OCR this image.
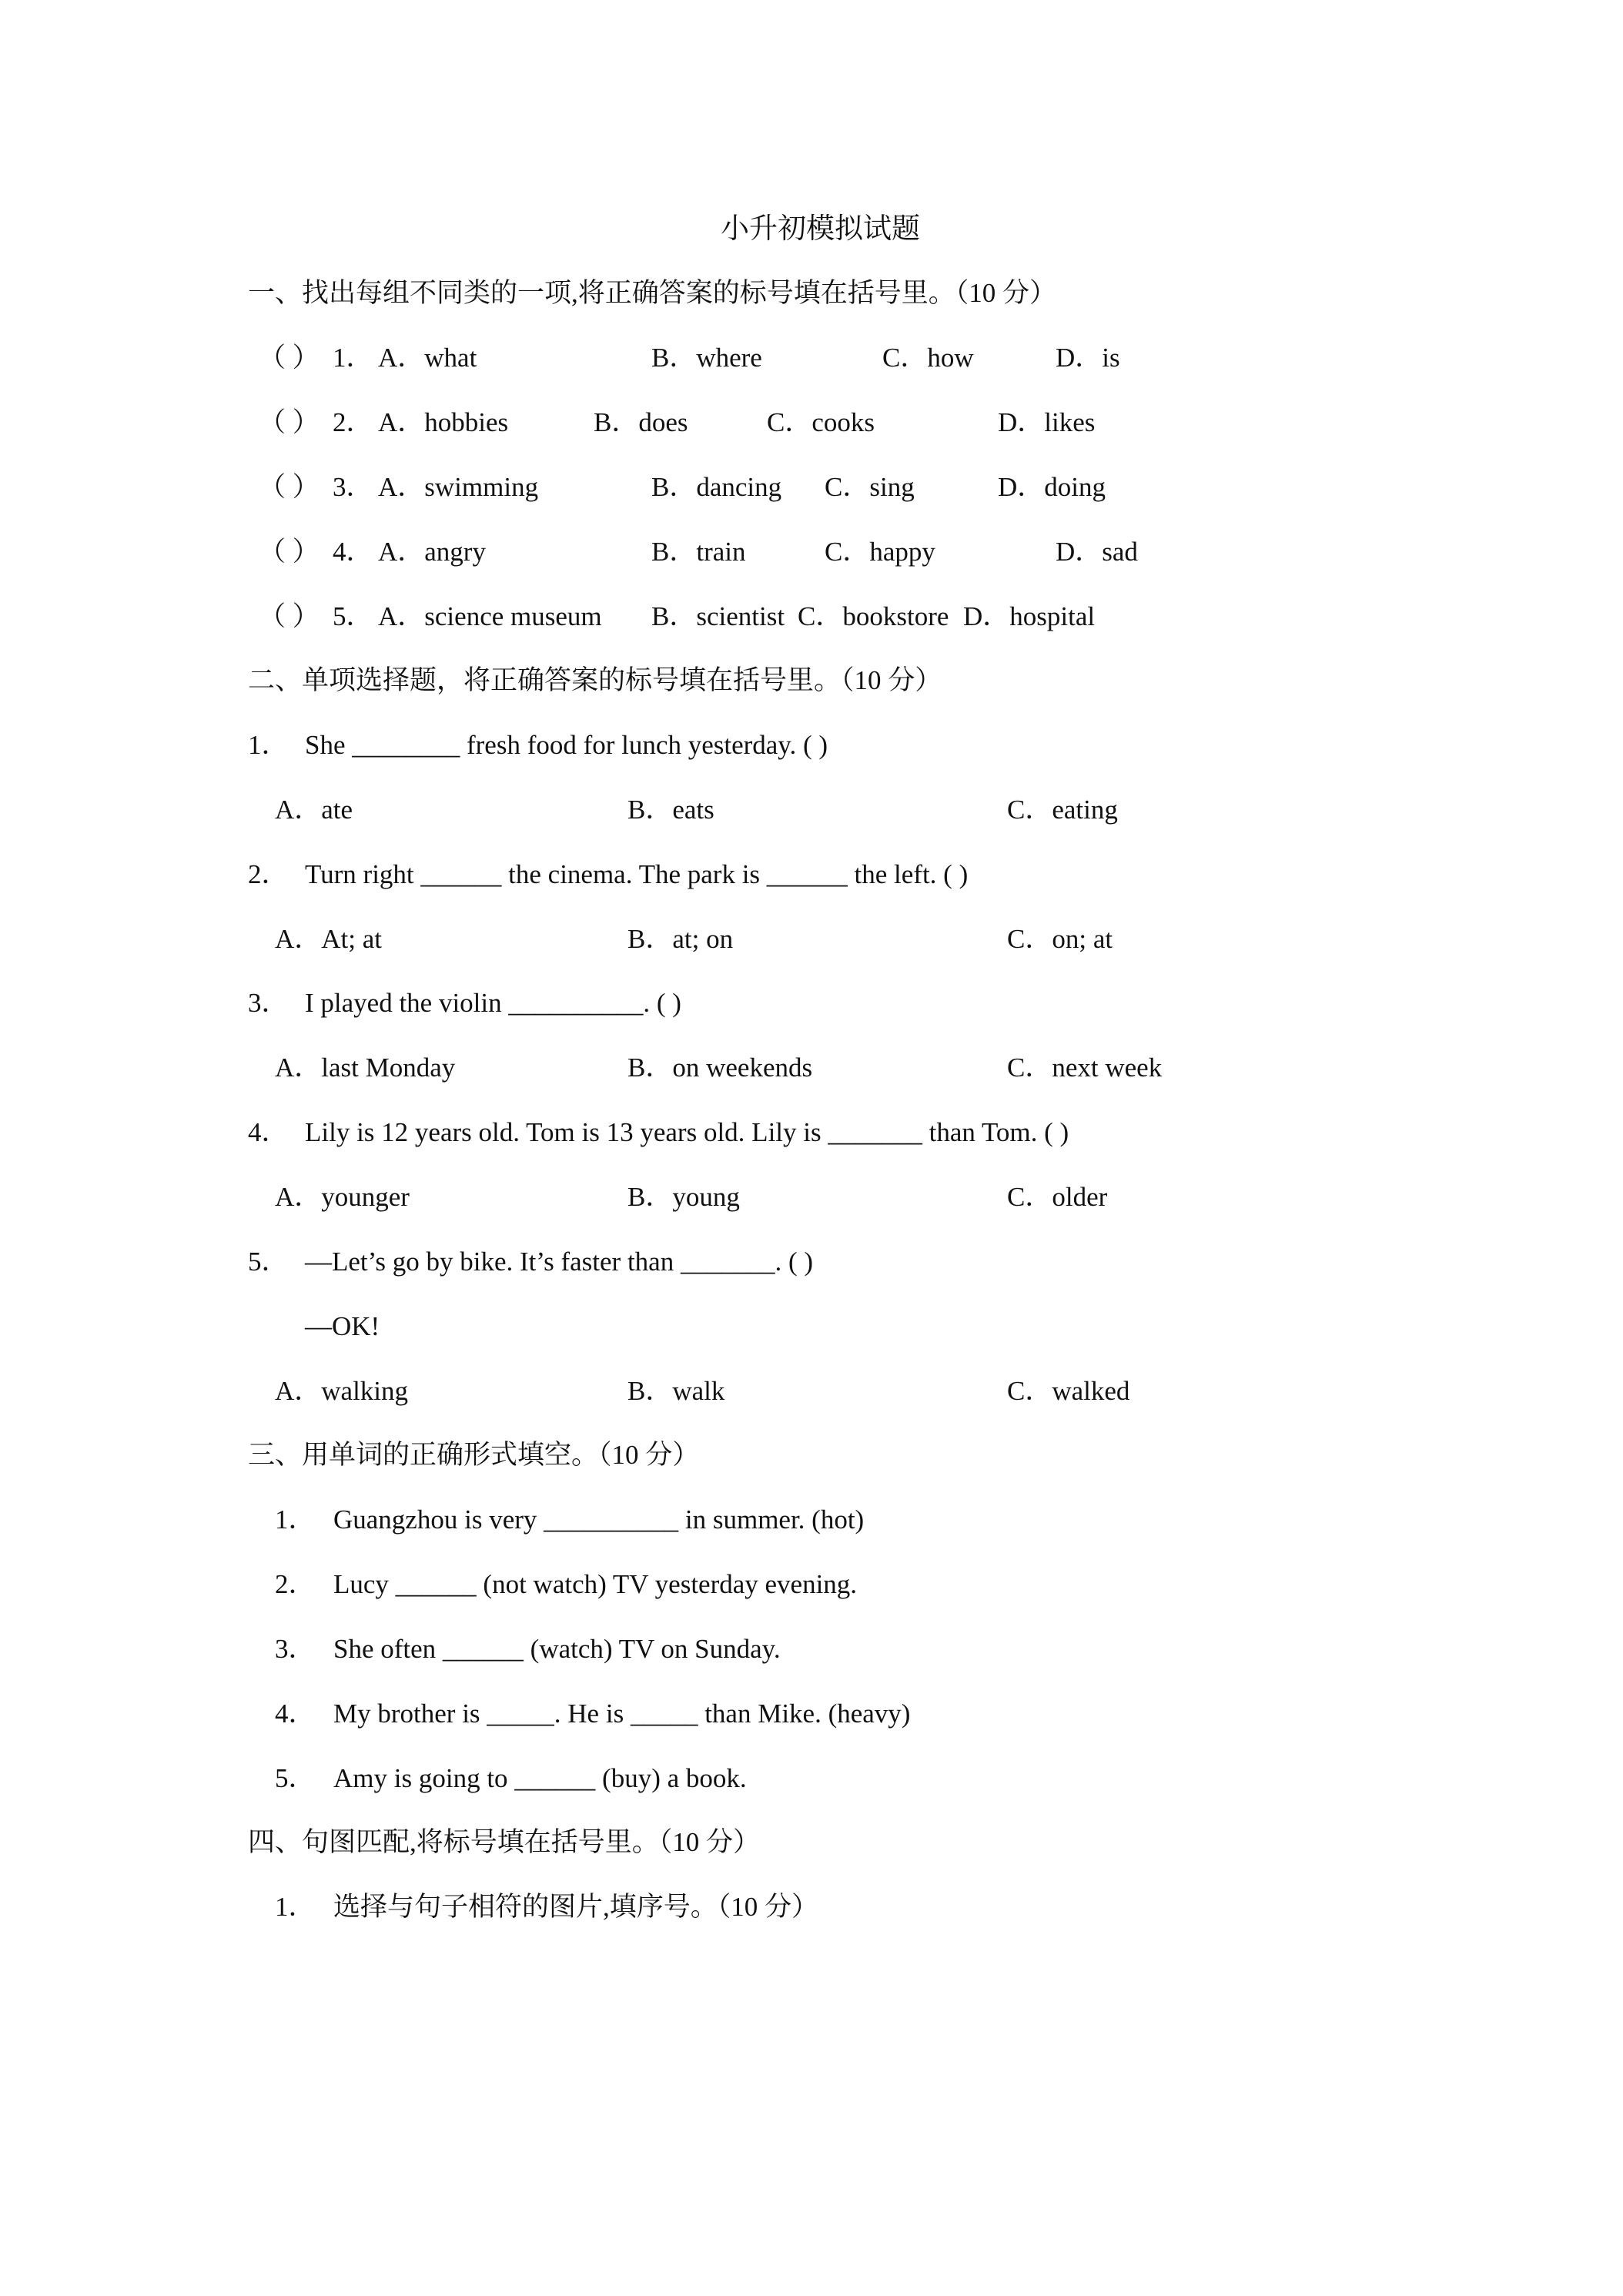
小升初模拟试题
一、找出每组不同类的一项,将正确答案的标号填在括号里。（10 分）
（ ） 1． A．what	B．where	C．how	D．is
（ ） 2． A．hobbies	B．does	C．cooks	D．likes
（ ） 3． A．swimming	B．dancing C．sing	D．doing
（ ） 4． A．angry	B．train	C．happy	D．sad
（ ） 5． A．science museum B．scientist C．bookstore D．hospital
二、单项选择题，将正确答案的标号填在括号里。（10 分）
1． She ________ fresh food for lunch yesterday. ( )
A．ate	B．eats	C．eating
2． Turn right ______ the cinema. The park is ______ the left. ( )
A．At; at	B．at; on	C．on; at
3． I played the violin __________. ( )
A．last Monday	B．on weekends	C．next week
4． Lily is 12 years old. Tom is 13 years old. Lily is _______ than Tom. ( )
A．younger	B．young	C．older
5． —Let’s go by bike. It’s faster than _______. ( )
—OK!
A．walking	B．walk	C．walked
三、用单词的正确形式填空。（10 分）
1． Guangzhou is very __________ in summer. (hot)
2． Lucy ______ (not watch) TV yesterday evening.
3． She often ______ (watch) TV on Sunday.
4． My brother is _____. He is _____ than Mike. (heavy)
5． Amy is going to ______ (buy) a book.
四、句图匹配,将标号填在括号里。（10 分）
1． 选择与句子相符的图片,填序号。（10 分）
